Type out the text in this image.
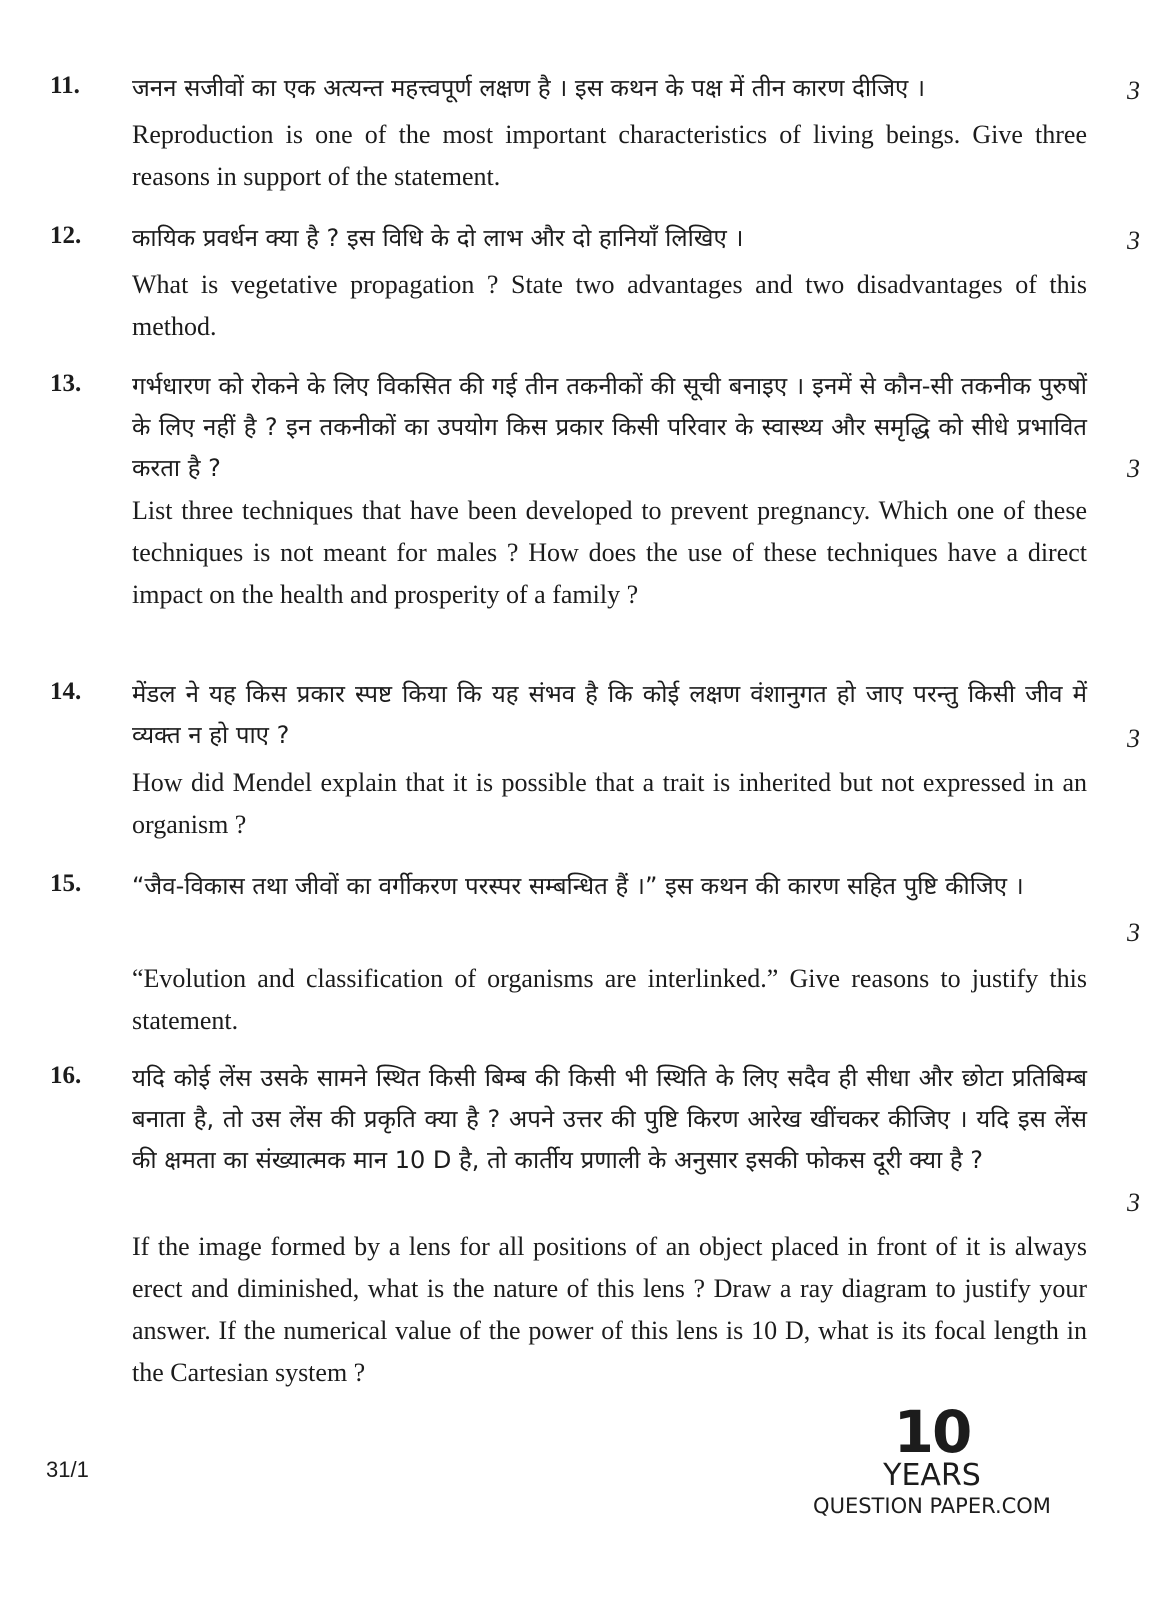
11. जनन सजीवों का एक अत्यन्त महत्त्वपूर्ण लक्षण है । इस कथन के पक्ष में तीन कारण दीजिए ।	3
Reproduction is one of the most important characteristics of living beings. Give three reasons in support of the statement.
12. कायिक प्रवर्धन क्या है ? इस विधि के दो लाभ और दो हानियाँ लिखिए ।	3
What is vegetative propagation ? State two advantages and two disadvantages of this method.
13. गर्भधारण को रोकने के लिए विकसित की गई तीन तकनीकों की सूची बनाइए । इनमें से कौन-सी तकनीक पुरुषों के लिए नहीं है ? इन तकनीकों का उपयोग किस प्रकार किसी परिवार के स्वास्थ्य और समृद्धि को सीधे प्रभावित करता है ?	3
List three techniques that have been developed to prevent pregnancy. Which one of these techniques is not meant for males ? How does the use of these techniques have a direct impact on the health and prosperity of a family ?
14. मेंडल ने यह किस प्रकार स्पष्ट किया कि यह संभव है कि कोई लक्षण वंशानुगत हो जाए परन्तु किसी जीव में व्यक्त न हो पाए ?	3
How did Mendel explain that it is possible that a trait is inherited but not expressed in an organism ?
15. “जैव-विकास तथा जीवों का वर्गीकरण परस्पर सम्बन्धित हैं ।” इस कथन की कारण सहित पुष्टि कीजिए ।
3
“Evolution and classification of organisms are interlinked.” Give reasons to justify this statement.
16. यदि कोई लेंस उसके सामने स्थित किसी बिम्ब की किसी भी स्थिति के लिए सदैव ही सीधा और छोटा प्रतिबिम्ब बनाता है, तो उस लेंस की प्रकृति क्या है ? अपने उत्तर की पुष्टि किरण आरेख खींचकर कीजिए । यदि इस लेंस की क्षमता का संख्यात्मक मान 10 D है, तो कार्तीय प्रणाली के अनुसार इसकी फोकस दूरी क्या है ?
3
If the image formed by a lens for all positions of an object placed in front of it is always erect and diminished, what is the nature of this lens ? Draw a ray diagram to justify your answer. If the numerical value of the power of this lens is 10 D, what is its focal length in the Cartesian system ?
31/1
10
YEARS
QUESTION PAPER.COM
